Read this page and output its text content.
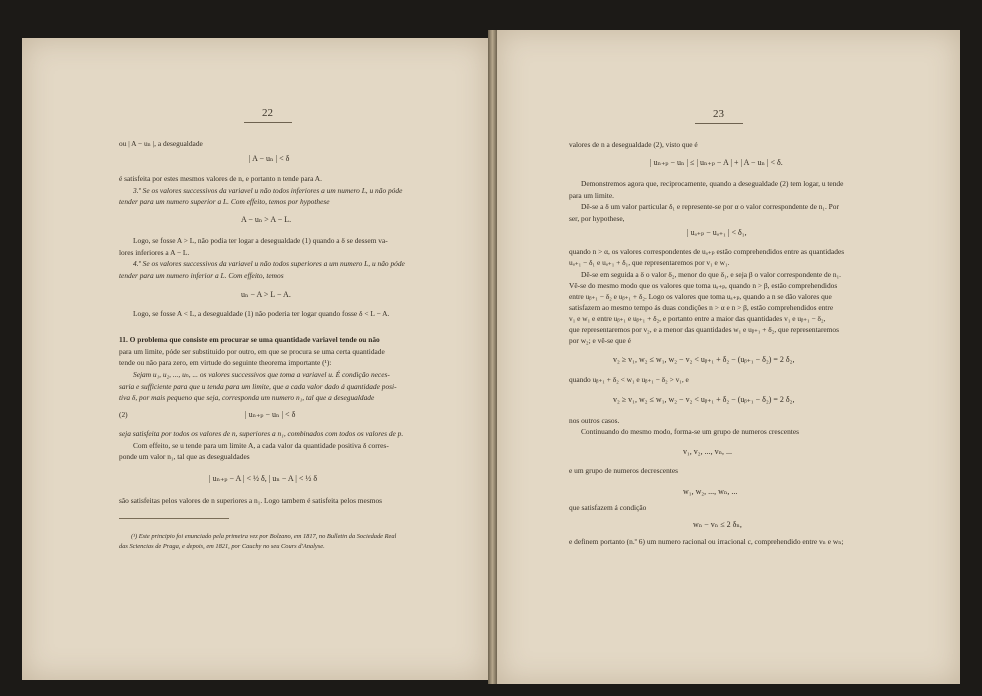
22
ou | A − uₙ |, a desegualdade
| A − uₙ | < δ
é satisfeita por estes mesmos valores de n, e portanto n tende para A.
3.º Se os valores successivos da variavel u não todos inferiores a um numero L, u não póde
tender para um numero superior a L. Com effeito, temos por hypothese
A − uₙ > A − L.
Logo, se fosse A > L, não podia ter logar a desegualdade (1) quando a δ se dessem va-
lores inferiores a A − L.
4.º Se os valores successivos da variavel u não todos superiores a um numero L, u não póde
tender para um numero inferior a L. Com effeito, temos
uₙ − A > L − A.
Logo, se fosse A < L, a desegualdade (1) não poderia ter logar quando fosse δ < L − A.
11. O problema que consiste em procurar se uma quantidade variavel tende ou não
para um limite, póde ser substituido por outro, em que se procura se uma certa quantidade
tende ou não para zero, em virtude do seguinte theorema importante (¹):
Sejam u₁, u₂, ..., uₙ, ... os valores successivos que toma a variavel u. É condição neces-
saria e sufficiente para que u tenda para um limite, que a cada valor dado á quantidade posi-
tiva δ, por mais pequeno que seja, corresponda um numero n₁, tal que a desegualdade
(2)	| uₙ₊ₚ − uₙ | < δ
seja satisfeita por todos os valores de n, superiores a n₁, combinados com todos os valores de p.
Com effeito, se u tende para um limite A, a cada valor da quantidade positiva δ corres-
ponde um valor n₁, tal que as desegualdades
| uₙ₊ₚ − A | < ½ δ, | uₙ − A | < ½ δ
são satisfeitas pelos valores de n superiores a n₁. Logo tambem é satisfeita pelos mesmos
(¹) Este principio foi enunciado pela primeira vez por Bolzano, em 1817, no Bulletin da Sociedade Real
das Sciencias de Praga, e depois, em 1821, por Cauchy no seu Cours d'Analyse.
23
valores de n a desegualdade (2), visto que é
| uₙ₊ₚ − uₙ | ≤ | uₙ₊ₚ − A | + | A − uₙ | < δ.
Demonstremos agora que, reciprocamente, quando a desegualdade (2) tem logar, u tende
para um limite.
Dê-se a δ um valor particular δ₁ e represente-se por α o valor correspondente de n₁. Por
ser, por hypothese,
| uₐ₊ₚ − uₐ₊₁ | < δ₁,
quando n > α, os valores correspondentes de uₐ₊ₚ estão comprehendidos entre as quantidades
uₐ₊₁ − δ₁ e uₐ₊₁ + δ₁, que representaremos por v₁ e w₁.
Dê-se em seguida a δ o valor δ₂, menor do que δ₁, e seja β o valor correspondente de n₁.
Vê-se do mesmo modo que os valores que toma uₐ₊ₚ, quando n > β, estão comprehendidos
entre uᵦ₊₁ − δ₂ e uᵦ₊₁ + δ₂. Logo os valores que toma uₐ₊ₚ, quando a n se dão valores que
satisfazem ao mesmo tempo ás duas condições n > α e n > β, estão comprehendidos entre
v₁ e w₁ e entre uᵦ₊₁ e uᵦ₊₁ + δ₂, e portanto entre a maior das quantidades v₁ e uᵦ₊₁ − δ₂,
que representaremos por v₂, e a menor das quantidades w₁ e uᵦ₊₁ + δ₂, que representaremos
por w₂; e vê-se que é
v₂ ≥ v₁, w₂ ≤ w₁, w₂ − v₂ < uᵦ₊₁ + δ₂ − (uᵦ₊₁ − δ₂) = 2 δ₂,
quando uᵦ₊₁ + δ₂ < w₁ e uᵦ₊₁ − δ₂ > v₁, e
v₂ ≥ v₁, w₂ ≤ w₁, w₂ − v₂ < uᵦ₊₁ + δ₂ − (uᵦ₊₁ − δ₂) = 2 δ₂,
nos outros casos.
Continuando do mesmo modo, forma-se um grupo de numeros crescentes
v₁, v₂, ..., vₙ, ...
e um grupo de numeros decrescentes
w₁, w₂, ..., wₙ, ...
que satisfazem á condição
wₙ − vₙ ≤ 2 δₙ,
e definem portanto (n.º 6) um numero racional ou irracional c, comprehendido entre vₙ e wₙ;
